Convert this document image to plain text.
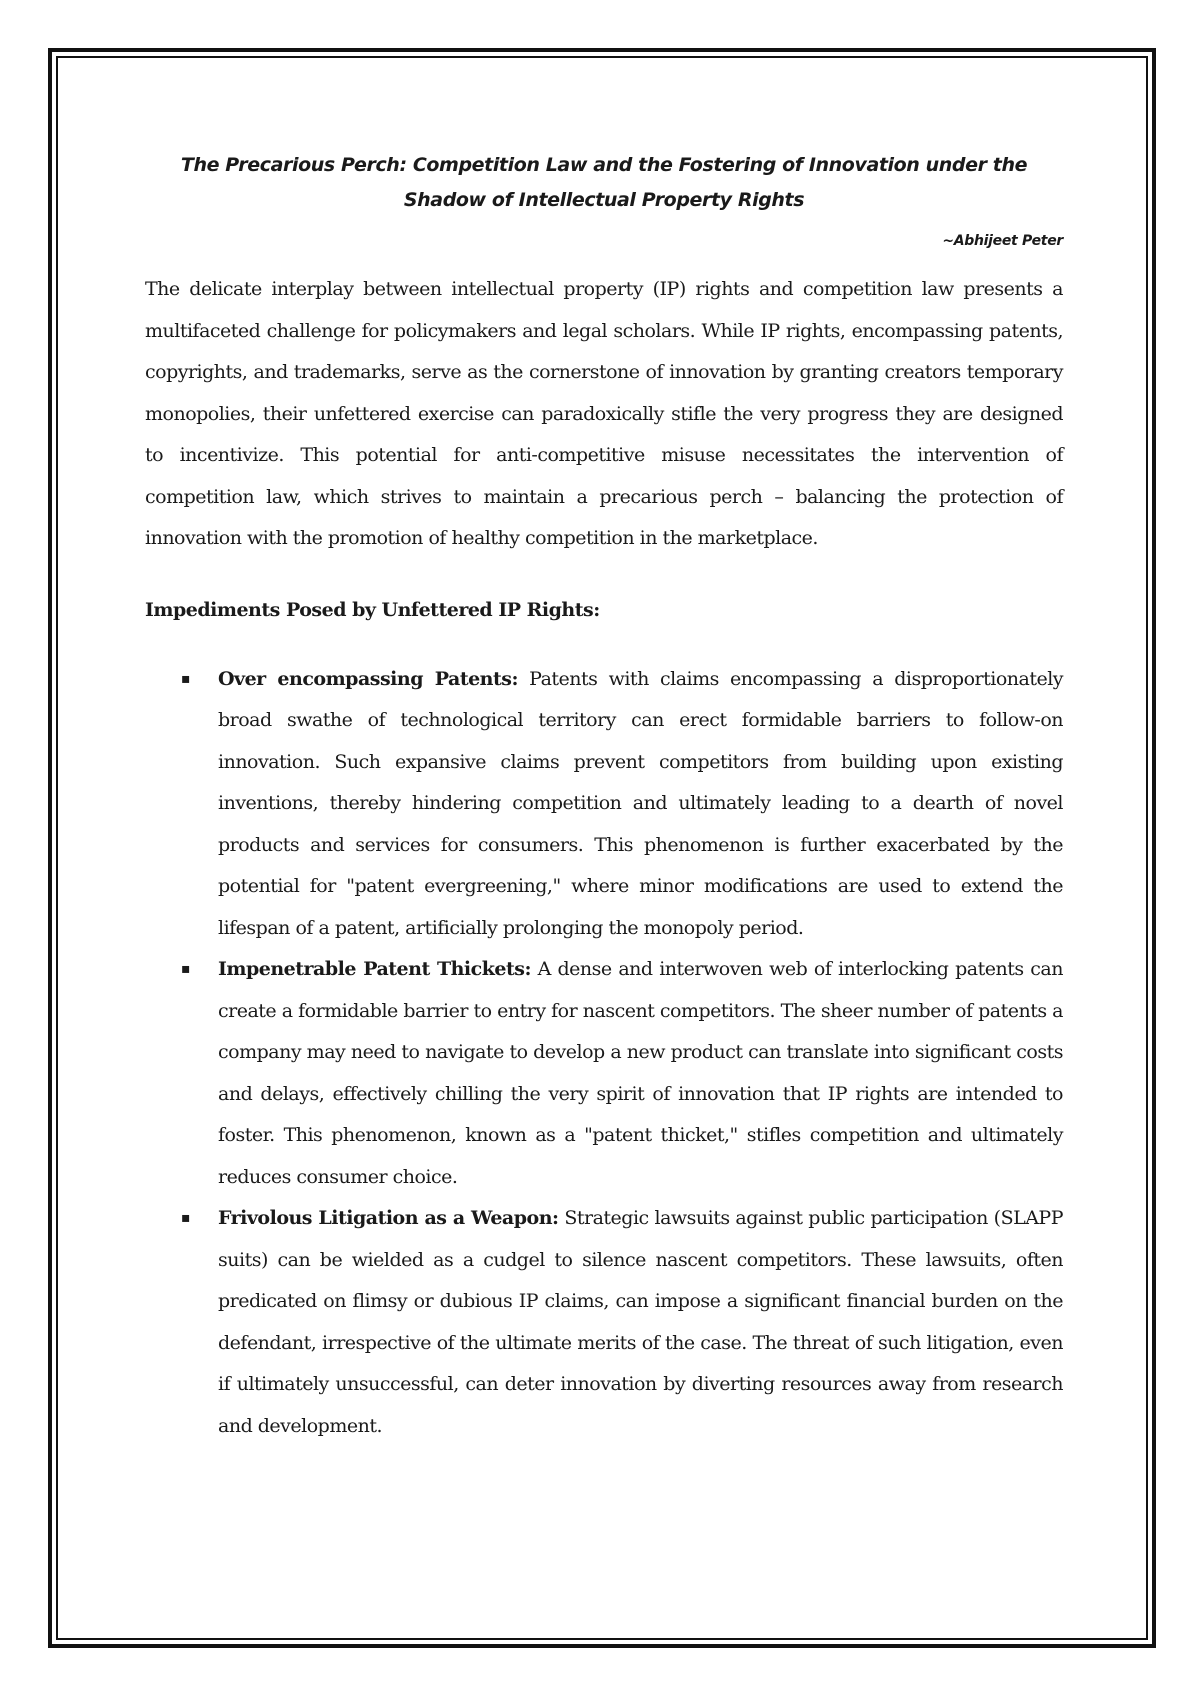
The Precarious Perch: Competition Law and the Fostering of Innovation under the
Shadow of Intellectual Property Rights

~Abhijeet Peter

The delicate interplay between intellectual property (IP) rights and competition law presents a multifaceted challenge for policymakers and legal scholars. While IP rights, encompassing patents, copyrights, and trademarks, serve as the cornerstone of innovation by granting creators temporary monopolies, their unfettered exercise can paradoxically stifle the very progress they are designed to incentivize. This potential for anti-competitive misuse necessitates the intervention of competition law, which strives to maintain a precarious perch – balancing the protection of innovation with the promotion of healthy competition in the marketplace.

Impediments Posed by Unfettered IP Rights:
▪ Over encompassing Patents: Patents with claims encompassing a disproportionately broad swathe of technological territory can erect formidable barriers to follow-on innovation. Such expansive claims prevent competitors from building upon existing inventions, thereby hindering competition and ultimately leading to a dearth of novel products and services for consumers. This phenomenon is further exacerbated by the potential for "patent evergreening," where minor modifications are used to extend the lifespan of a patent, artificially prolonging the monopoly period.
▪ Impenetrable Patent Thickets: A dense and interwoven web of interlocking patents can create a formidable barrier to entry for nascent competitors. The sheer number of patents a company may need to navigate to develop a new product can translate into significant costs and delays, effectively chilling the very spirit of innovation that IP rights are intended to foster. This phenomenon, known as a "patent thicket," stifles competition and ultimately reduces consumer choice.
▪ Frivolous Litigation as a Weapon: Strategic lawsuits against public participation (SLAPP suits) can be wielded as a cudgel to silence nascent competitors. These lawsuits, often predicated on flimsy or dubious IP claims, can impose a significant financial burden on the defendant, irrespective of the ultimate merits of the case. The threat of such litigation, even if ultimately unsuccessful, can deter innovation by diverting resources away from research and development.
